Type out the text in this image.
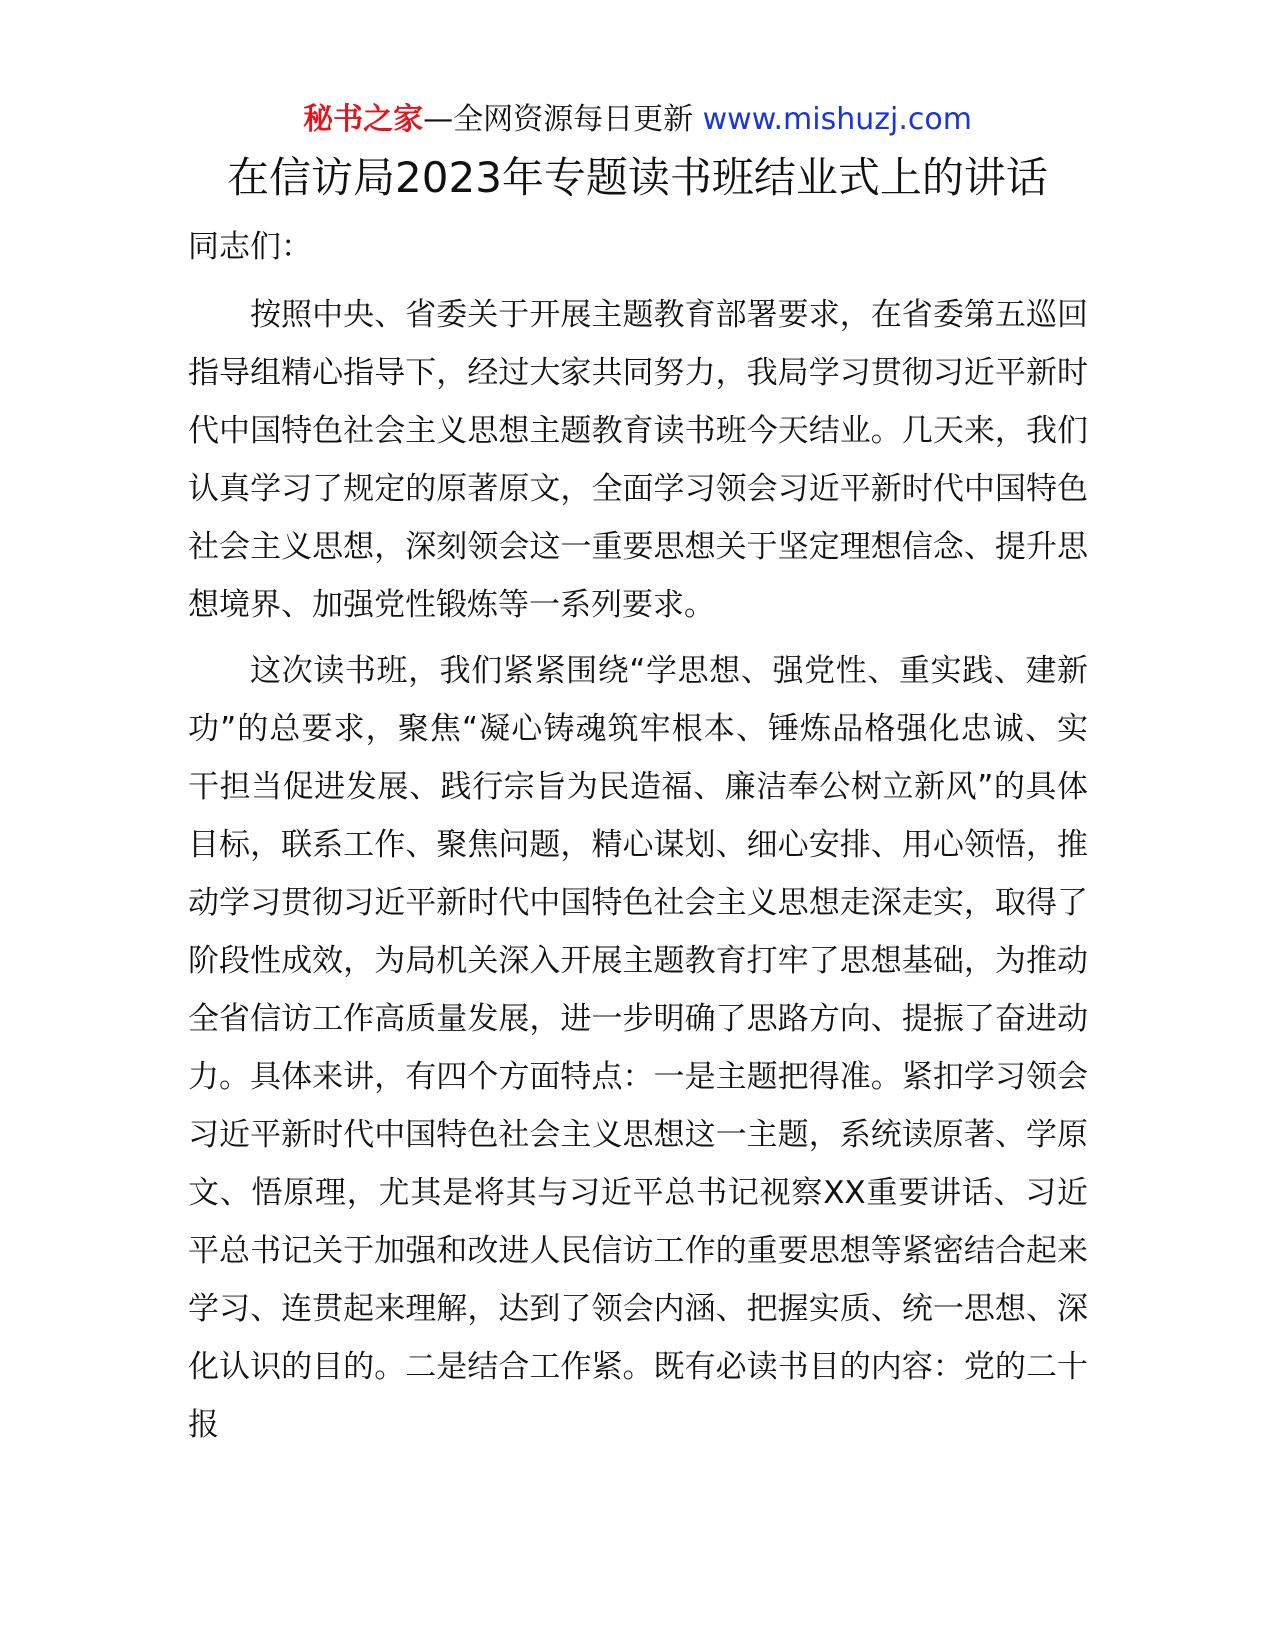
秘书之家—全网资源每日更新 www.mishuzj.com
在信访局2023年专题读书班结业式上的讲话

同志们：

按照中央、省委关于开展主题教育部署要求，在省委第五巡回指导组精心指导下，经过大家共同努力，我局学习贯彻习近平新时代中国特色社会主义思想主题教育读书班今天结业。几天来，我们认真学习了规定的原著原文，全面学习领会习近平新时代中国特色社会主义思想，深刻领会这一重要思想关于坚定理想信念、提升思想境界、加强党性锻炼等一系列要求。

这次读书班，我们紧紧围绕“学思想、强党性、重实践、建新功”的总要求，聚焦“凝心铸魂筑牢根本、锤炼品格强化忠诚、实干担当促进发展、践行宗旨为民造福、廉洁奉公树立新风”的具体目标，联系工作、聚焦问题，精心谋划、细心安排、用心领悟，推动学习贯彻习近平新时代中国特色社会主义思想走深走实，取得了阶段性成效，为局机关深入开展主题教育打牢了思想基础，为推动全省信访工作高质量发展，进一步明确了思路方向、提振了奋进动力。具体来讲，有四个方面特点：一是主题把得准。紧扣学习领会习近平新时代中国特色社会主义思想这一主题，系统读原著、学原文、悟原理，尤其是将其与习近平总书记视察XX重要讲话、习近平总书记关于加强和改进人民信访工作的重要思想等紧密结合起来学习、连贯起来理解，达到了领会内涵、把握实质、统一思想、深化认识的目的。二是结合工作紧。既有必读书目的内容：党的二十报
